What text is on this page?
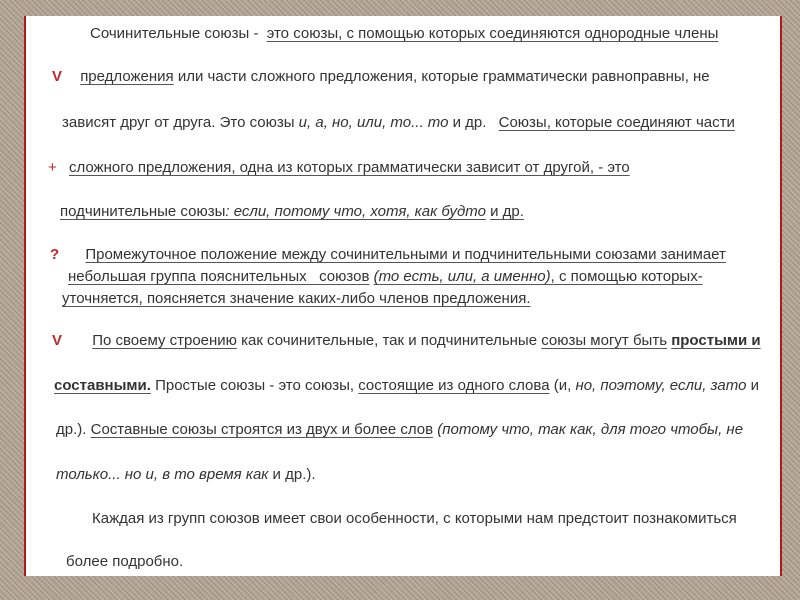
Сочинительные союзы - это союзы, с помощью которых соединяются однородные члены
V предложения или части сложного предложения, которые грамматически равноправны, не
зависят друг от друга. Это союзы и, а, но, или, то... то и др. Союзы, которые соединяют части
+ сложного предложения, одна из которых грамматически зависит от другой, - это
подчинительные союзы: если, потому что, хотя, как будто и др.
? Промежуточное положение между сочинительными и подчинительными союзами занимает
небольшая группа пояснительных   союзов (то есть, или, а именно), с помощью которых-
уточняется, поясняется значение каких-либо членов предложения.
V По своему строению как сочинительные, так и подчинительные союзы могут быть простыми и
составными. Простые союзы - это союзы, состоящие из одного слова (и, но, поэтому, если, зато и
др.). Составные союзы строятся из двух и более слов (потому что, так как, для того чтобы, не
только... но и, в то время как и др.).
Каждая из групп союзов имеет свои особенности, с которыми нам предстоит познакомиться
более подробно.
